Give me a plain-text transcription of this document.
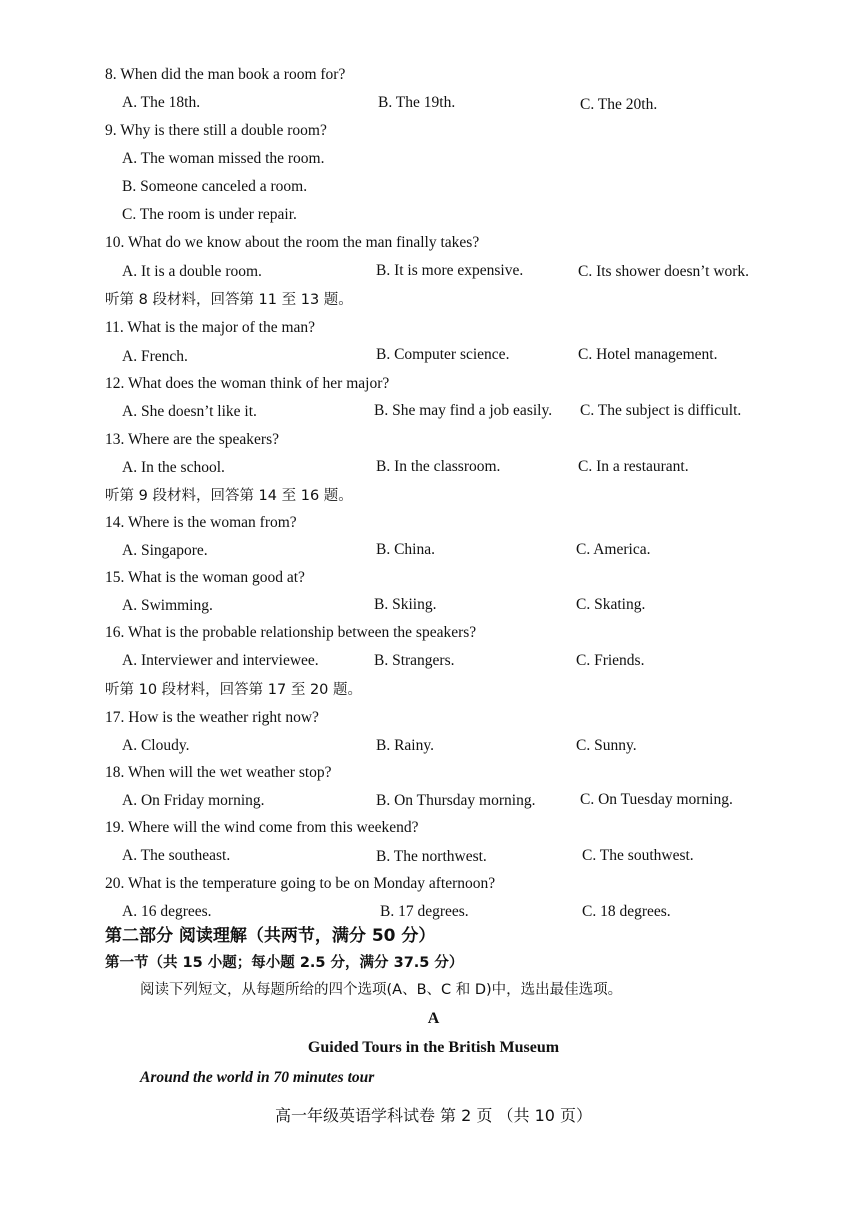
8. When did the man book a room for?
A. The 18th.	B. The 19th.	C. The 20th.
9. Why is there still a double room?
A. The woman missed the room.
B. Someone canceled a room.
C. The room is under repair.
10. What do we know about the room the man finally takes?
A. It is a double room.	B. It is more expensive.	C. Its shower doesn’t work.
听第 8 段材料，回答第 11 至 13 题。
11. What is the major of the man?
A. French.	B. Computer science.	C. Hotel management.
12. What does the woman think of her major?
A. She doesn’t like it.	B. She may find a job easily. C. The subject is difficult.
13. Where are the speakers?
A. In the school.	B. In the classroom.	C. In a restaurant.
听第 9 段材料，回答第 14 至 16 题。
14. Where is the woman from?
A. Singapore.	B. China.	C. America.
15. What is the woman good at?
A. Swimming.	B. Skiing.	C. Skating.
16. What is the probable relationship between the speakers?
A. Interviewer and interviewee.	B. Strangers.	C. Friends.
听第 10 段材料，回答第 17 至 20 题。
17. How is the weather right now?
A. Cloudy.	B. Rainy.	C. Sunny.
18. When will the wet weather stop?
A. On Friday morning.	B. On Thursday morning.	C. On Tuesday morning.
19. Where will the wind come from this weekend?
A. The southeast.	B. The northwest.	C. The southwest.
20. What is the temperature going to be on Monday afternoon?
A. 16 degrees.	B. 17 degrees.	C. 18 degrees.
第二部分 阅读理解（共两节，满分 50 分）
第一节（共 15 小题；每小题 2.5 分，满分 37.5 分）
阅读下列短文，从每题所给的四个选项(A、B、C 和 D)中，选出最佳选项。
A
Guided Tours in the British Museum
Around the world in 70 minutes tour
高一年级英语学科试卷 第 2 页 （共 10 页）
